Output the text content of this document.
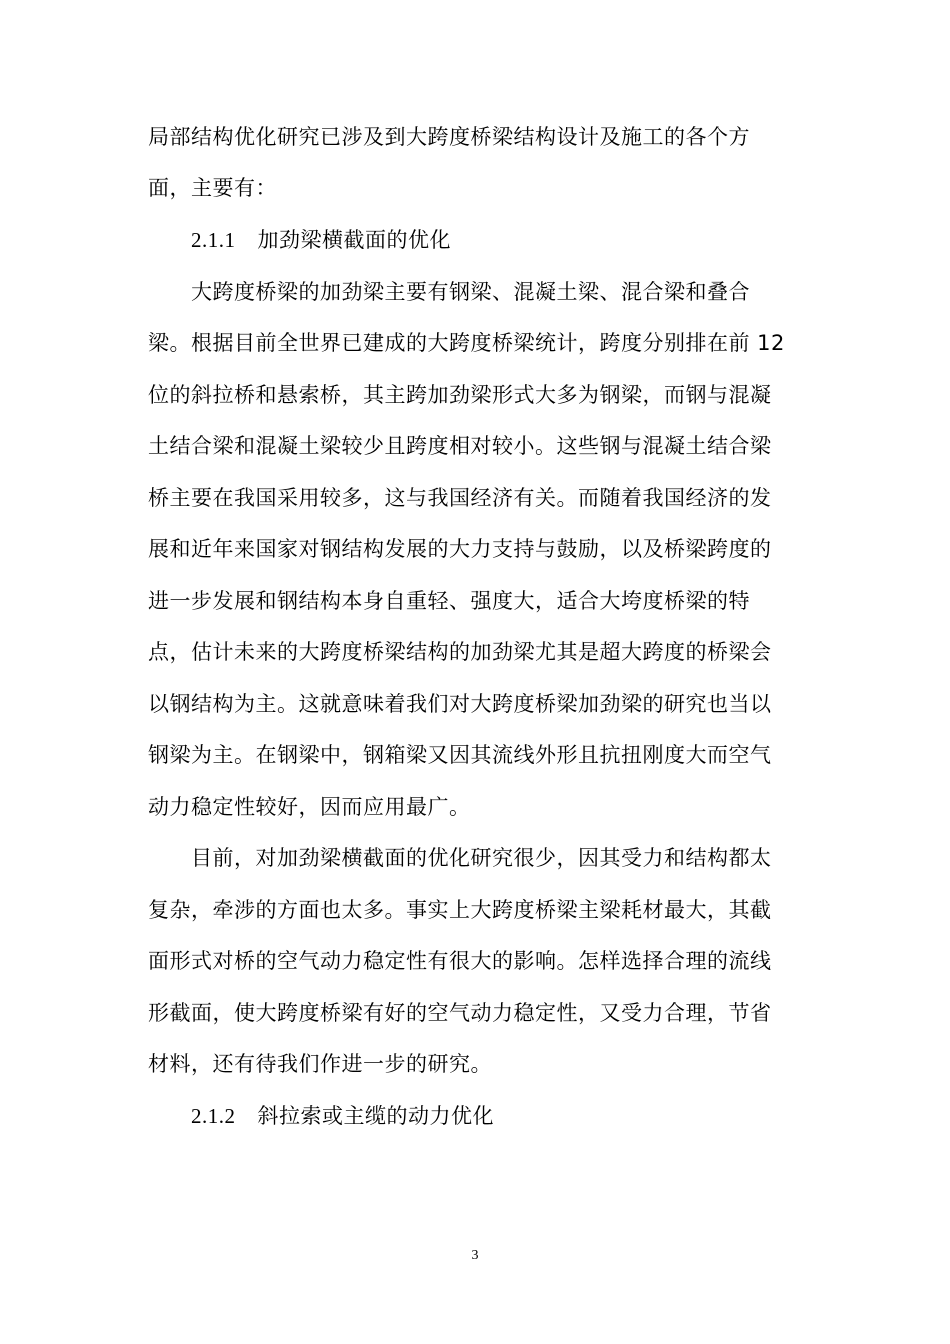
局部结构优化研究已涉及到大跨度桥梁结构设计及施工的各个方
面，主要有：
2.1.1 加劲梁横截面的优化
大跨度桥梁的加劲梁主要有钢梁、混凝土梁、混合梁和叠合
梁。根据目前全世界已建成的大跨度桥梁统计，跨度分别排在前 12
位的斜拉桥和悬索桥，其主跨加劲梁形式大多为钢梁，而钢与混凝
土结合梁和混凝土梁较少且跨度相对较小。这些钢与混凝土结合梁
桥主要在我国采用较多，这与我国经济有关。而随着我国经济的发
展和近年来国家对钢结构发展的大力支持与鼓励，以及桥梁跨度的
进一步发展和钢结构本身自重轻、强度大，适合大垮度桥梁的特
点，估计未来的大跨度桥梁结构的加劲梁尤其是超大跨度的桥梁会
以钢结构为主。这就意味着我们对大跨度桥梁加劲梁的研究也当以
钢梁为主。在钢梁中，钢箱梁又因其流线外形且抗扭刚度大而空气
动力稳定性较好，因而应用最广。
目前，对加劲梁横截面的优化研究很少，因其受力和结构都太
复杂，牵涉的方面也太多。事实上大跨度桥梁主梁耗材最大，其截
面形式对桥的空气动力稳定性有很大的影响。怎样选择合理的流线
形截面，使大跨度桥梁有好的空气动力稳定性，又受力合理，节省
材料，还有待我们作进一步的研究。
2.1.2 斜拉索或主缆的动力优化
3
